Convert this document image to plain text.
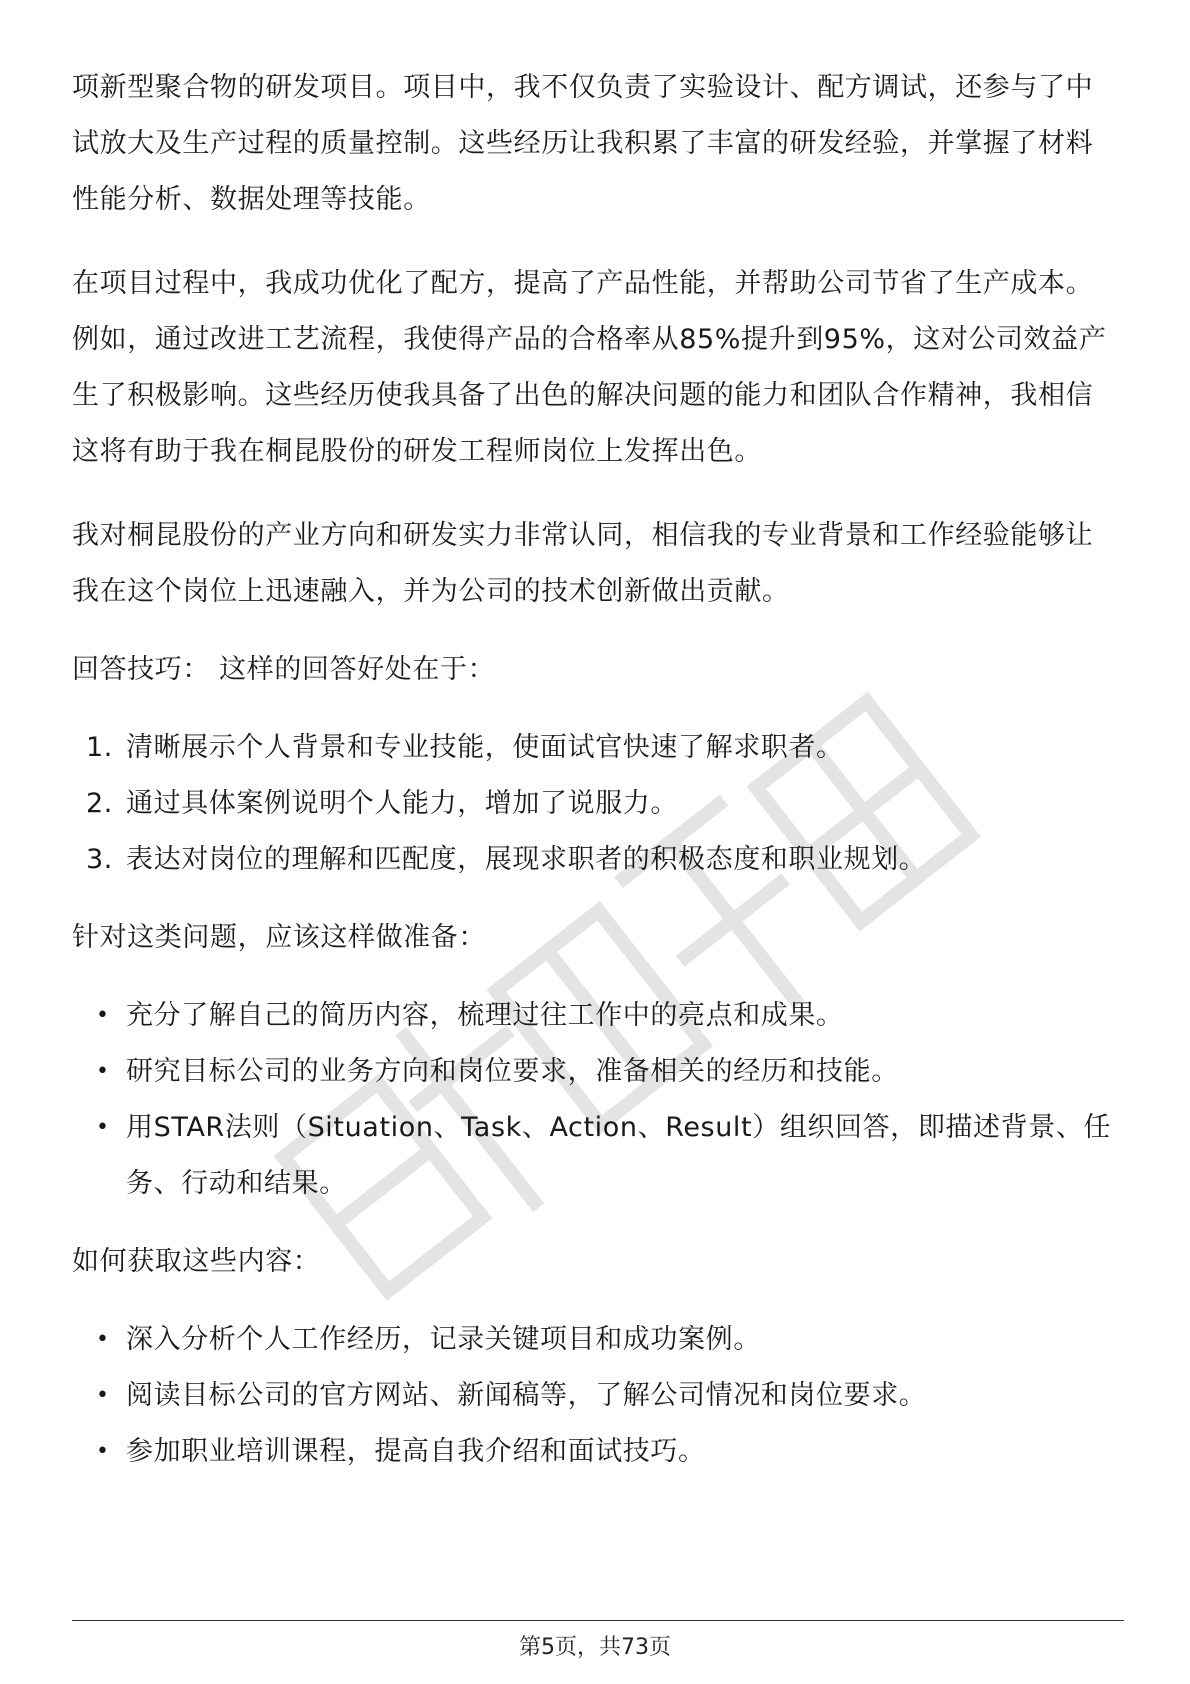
项新型聚合物的研发项目。项目中，我不仅负责了实验设计、配方调试，还参与了中试放大及生产过程的质量控制。这些经历让我积累了丰富的研发经验，并掌握了材料性能分析、数据处理等技能。

在项目过程中，我成功优化了配方，提高了产品性能，并帮助公司节省了生产成本。例如，通过改进工艺流程，我使得产品的合格率从85%提升到95%，这对公司效益产生了积极影响。这些经历使我具备了出色的解决问题的能力和团队合作精神，我相信这将有助于我在桐昆股份的研发工程师岗位上发挥出色。

我对桐昆股份的产业方向和研发实力非常认同，相信我的专业背景和工作经验能够让我在这个岗位上迅速融入，并为公司的技术创新做出贡献。

回答技巧： 这样的回答好处在于：

1. 清晰展示个人背景和专业技能，使面试官快速了解求职者。
2. 通过具体案例说明个人能力，增加了说服力。
3. 表达对岗位的理解和匹配度，展现求职者的积极态度和职业规划。

针对这类问题，应该这样做准备：

• 充分了解自己的简历内容，梳理过往工作中的亮点和成果。
• 研究目标公司的业务方向和岗位要求，准备相关的经历和技能。
• 用STAR法则（Situation、Task、Action、Result）组织回答，即描述背景、任务、行动和结果。

如何获取这些内容：

• 深入分析个人工作经历，记录关键项目和成功案例。
• 阅读目标公司的官方网站、新闻稿等，了解公司情况和岗位要求。
• 参加职业培训课程，提高自我介绍和面试技巧。
第5页，共73页
